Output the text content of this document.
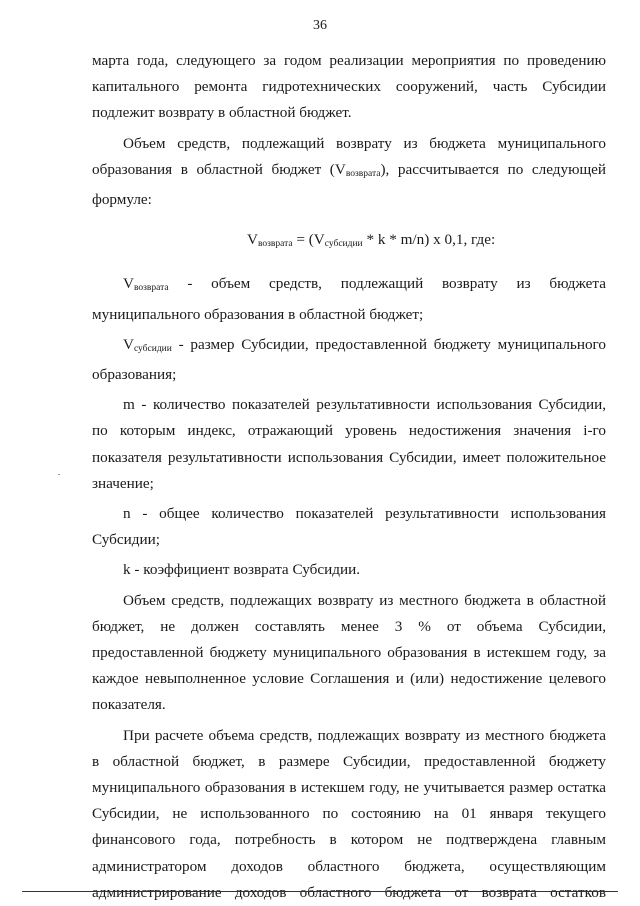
36

марта года, следующего за годом реализации мероприятия по проведению капитального ремонта гидротехнических сооружений, часть Субсидии подлежит возврату в областной бюджет.

Объем средств, подлежащий возврату из бюджета муниципального образования в областной бюджет $(V_{возврата})$, рассчитывается по следующей формуле:

$V_{возврата} = (V_{субсидии} * k * m/n)$ x 0,1, где:

$V_{возврата}$ - объем средств, подлежащий возврату из бюджета муниципального образования в областной бюджет;

$V_{субсидии}$ - размер Субсидии, предоставленной бюджету муниципального образования;

m - количество показателей результативности использования Субсидии, по которым индекс, отражающий уровень недостижения значения i-го показателя результативности использования Субсидии, имеет положительное значение;

n - общее количество показателей результативности использования Субсидии;

k - коэффициент возврата Субсидии.

Объем средств, подлежащих возврату из местного бюджета в областной бюджет, не должен составлять менее 3 % от объема Субсидии, предоставленной бюджету муниципального образования в истекшем году, за каждое невыполненное условие Соглашения и (или) недостижение целевого показателя.

При расчете объема средств, подлежащих возврату из местного бюджета в областной бюджет, в размере Субсидии, предоставленной бюджету муниципального образования в истекшем году, не учитывается размер остатка Субсидии, не использованного по состоянию на 01 января текущего финансового года, потребность в котором не подтверждена главным администратором доходов областного бюджета, осуществляющим администрирование доходов областного бюджета от возврата остатков
